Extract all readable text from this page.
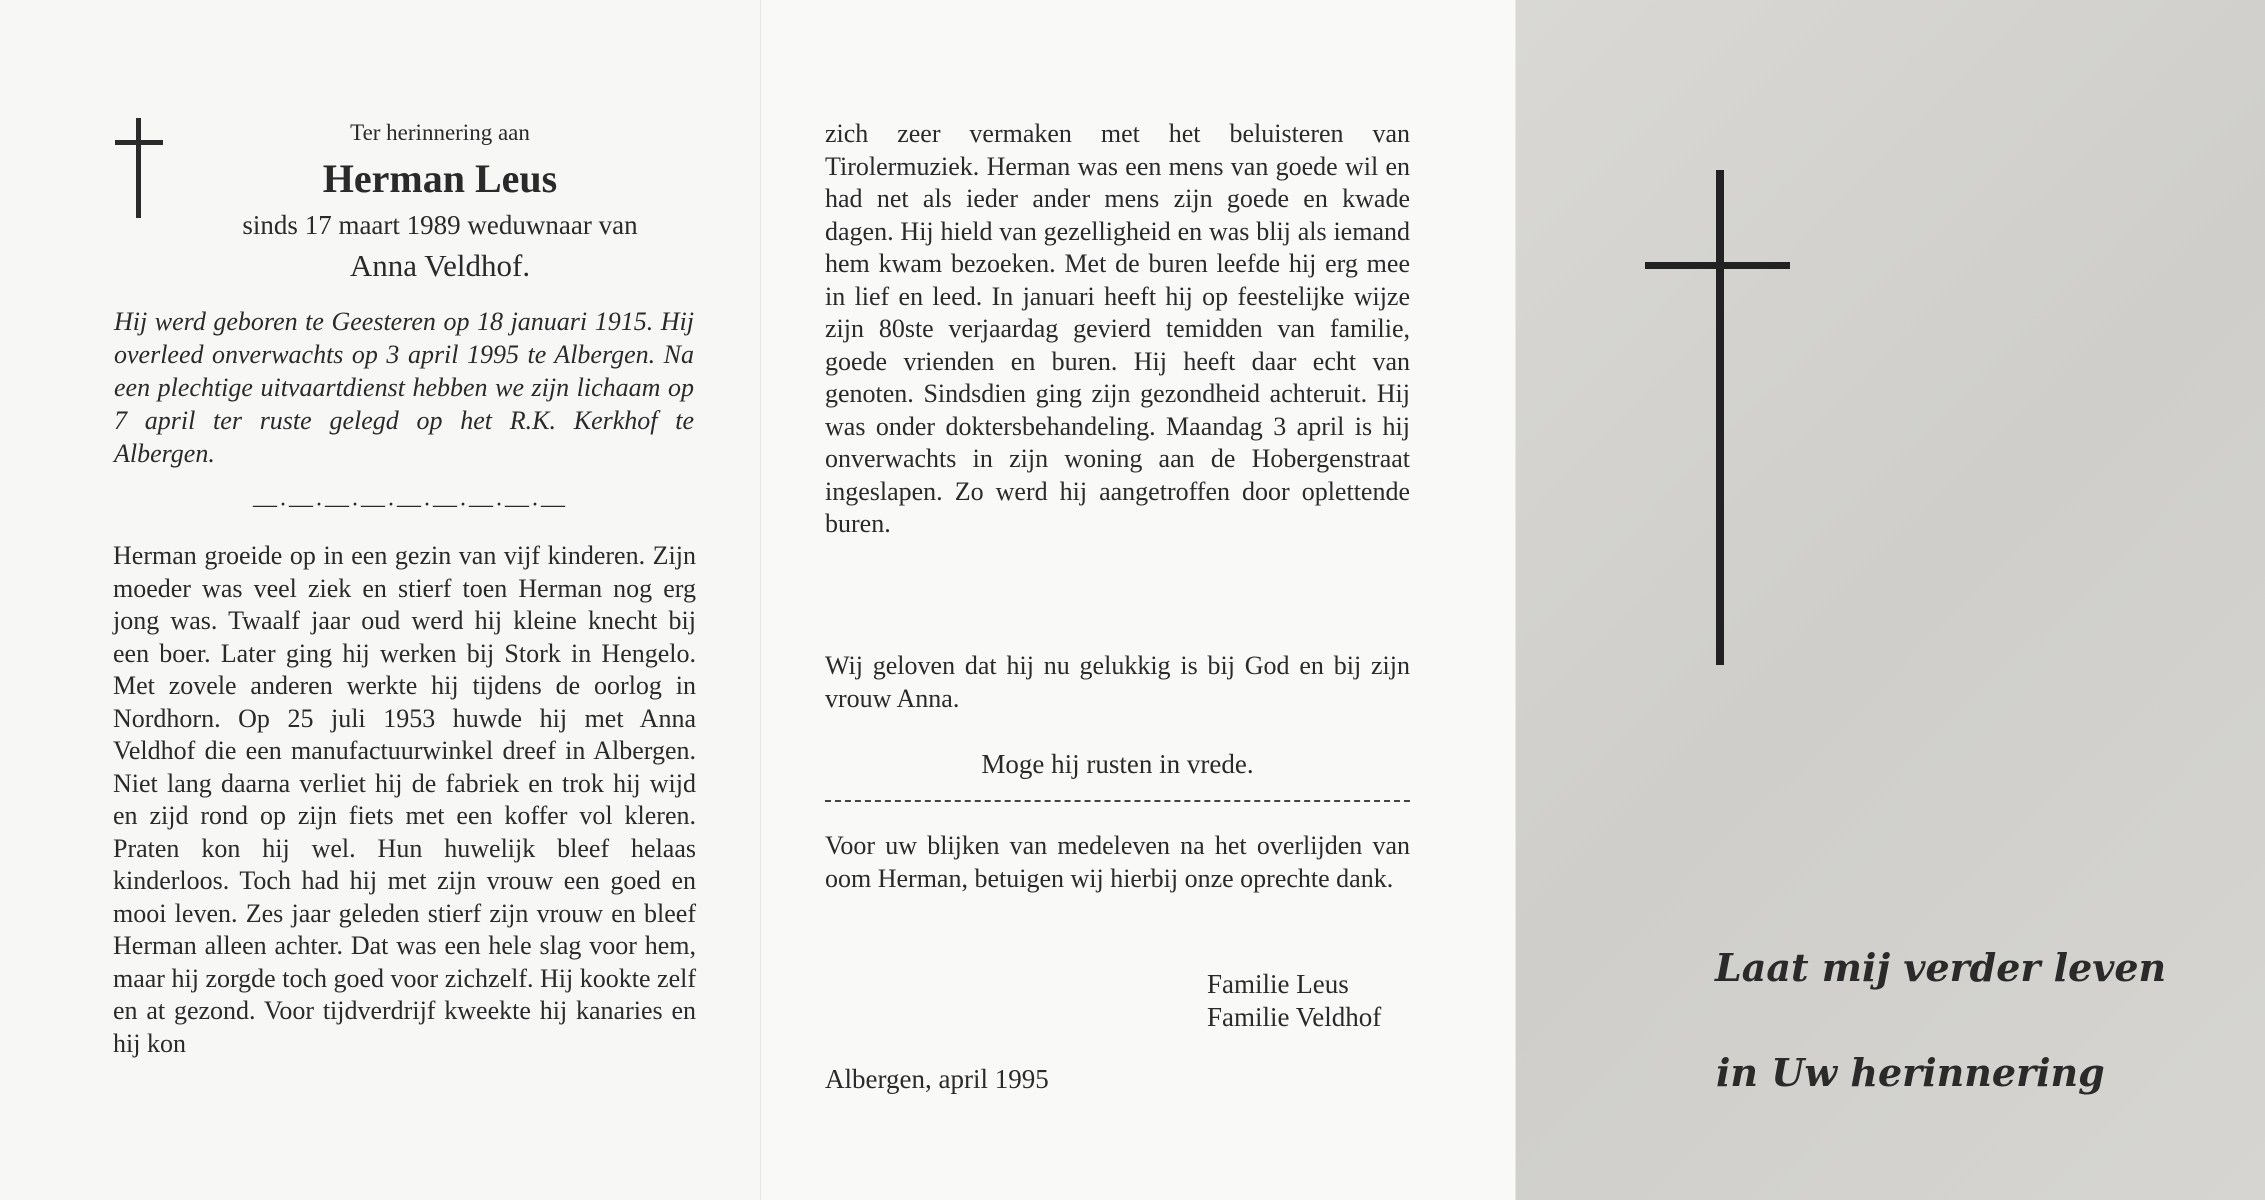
Ter herinnering aan
Herman Leus
sinds 17 maart 1989 weduwnaar van
Anna Veldhof.
Hij werd geboren te Geesteren op 18 januari 1915. Hij overleed onverwachts op 3 april 1995 te Albergen. Na een plechtige uitvaartdienst hebben we zijn lichaam op 7 april ter ruste gelegd op het R.K. Kerkhof te Albergen.
—·—·—·—·—·—·—·—·—
Herman groeide op in een gezin van vijf kinderen. Zijn moeder was veel ziek en stierf toen Herman nog erg jong was. Twaalf jaar oud werd hij kleine knecht bij een boer. Later ging hij werken bij Stork in Hengelo. Met zovele anderen werkte hij tijdens de oorlog in Nordhorn. Op 25 juli 1953 huwde hij met Anna Veldhof die een manufactuurwinkel dreef in Albergen. Niet lang daarna verliet hij de fabriek en trok hij wijd en zijd rond op zijn fiets met een koffer vol kleren. Praten kon hij wel. Hun huwelijk bleef helaas kinderloos. Toch had hij met zijn vrouw een goed en mooi leven. Zes jaar geleden stierf zijn vrouw en bleef Herman alleen achter. Dat was een hele slag voor hem, maar hij zorgde toch goed voor zichzelf. Hij kookte zelf en at gezond. Voor tijdverdrijf kweekte hij kanaries en hij kon
zich zeer vermaken met het beluisteren van Tirolermuziek. Herman was een mens van goede wil en had net als ieder ander mens zijn goede en kwade dagen. Hij hield van gezelligheid en was blij als iemand hem kwam bezoeken. Met de buren leefde hij erg mee in lief en leed. In januari heeft hij op feestelijke wijze zijn 80ste verjaardag gevierd temidden van familie, goede vrienden en buren. Hij heeft daar echt van genoten. Sindsdien ging zijn gezondheid achteruit. Hij was onder doktersbehandeling. Maandag 3 april is hij onverwachts in zijn woning aan de Hobergenstraat ingeslapen. Zo werd hij aangetroffen door oplettende buren.
Wij geloven dat hij nu gelukkig is bij God en bij zijn vrouw Anna.
Moge hij rusten in vrede.
Voor uw blijken van medeleven na het overlijden van oom Herman, betuigen wij hierbij onze oprechte dank.
Familie Leus
Familie Veldhof
Albergen, april 1995
Laat mij verder leven
in Uw herinnering
